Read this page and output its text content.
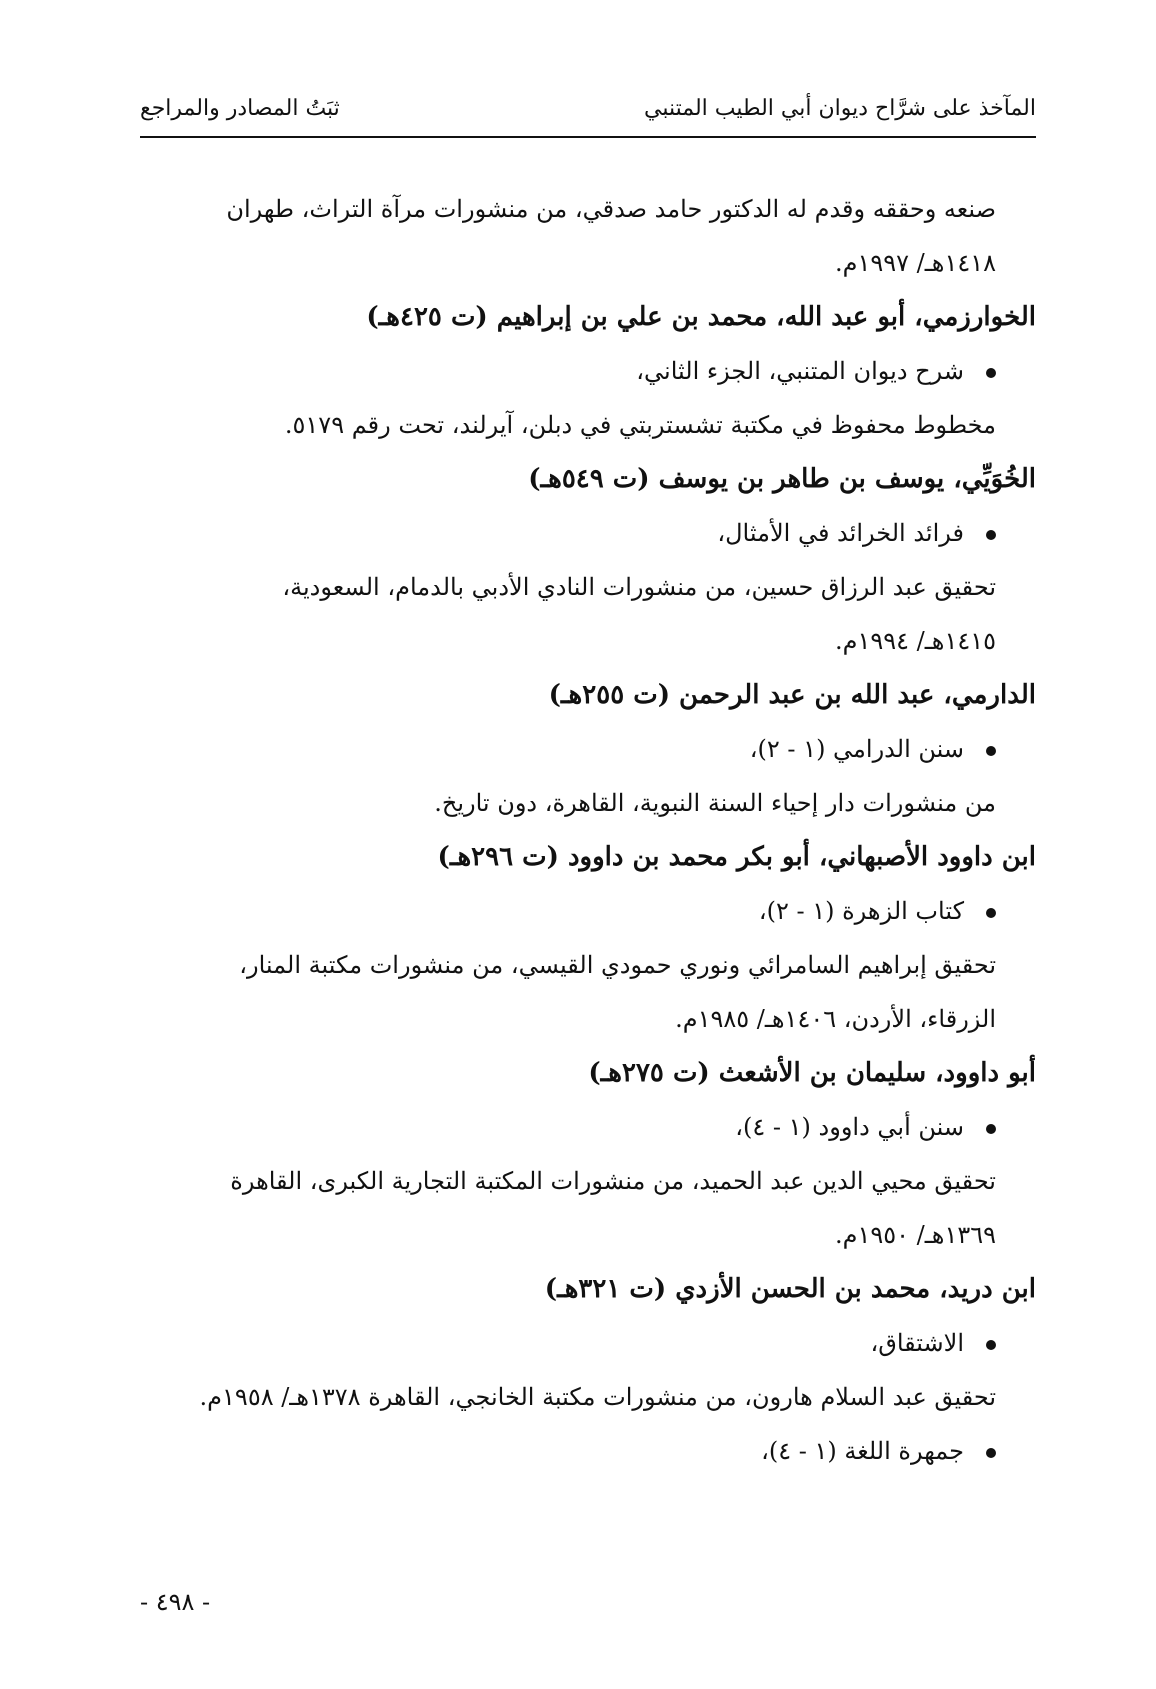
المآخذ على شرَّاح ديوان أبي الطيب المتنبي
ثبَتُ المصادر والمراجع
صنعه وحققه وقدم له الدكتور حامد صدقي، من منشورات مرآة التراث، طهران
١٤١٨هـ/ ١٩٩٧م.
الخوارزمي، أبو عبد الله، محمد بن علي بن إبراهيم (ت ٤٢٥هـ)
شرح ديوان المتنبي، الجزء الثاني،
مخطوط محفوظ في مكتبة تشستربتي في دبلن، آيرلند، تحت رقم ٥١٧٩.
الخُوَيِّي، يوسف بن طاهر بن يوسف (ت ٥٤٩هـ)
فرائد الخرائد في الأمثال،
تحقيق عبد الرزاق حسين، من منشورات النادي الأدبي بالدمام، السعودية،
١٤١٥هـ/ ١٩٩٤م.
الدارمي، عبد الله بن عبد الرحمن (ت ٢٥٥هـ)
سنن الدرامي (١ - ٢)،
من منشورات دار إحياء السنة النبوية، القاهرة، دون تاريخ.
ابن داوود الأصبهاني، أبو بكر محمد بن داوود (ت ٢٩٦هـ)
كتاب الزهرة (١ - ٢)،
تحقيق إبراهيم السامرائي ونوري حمودي القيسي، من منشورات مكتبة المنار،
الزرقاء، الأردن، ١٤٠٦هـ/ ١٩٨٥م.
أبو داوود، سليمان بن الأشعث (ت ٢٧٥هـ)
سنن أبي داوود (١ - ٤)،
تحقيق محيي الدين عبد الحميد، من منشورات المكتبة التجارية الكبرى، القاهرة
١٣٦٩هـ/ ١٩٥٠م.
ابن دريد، محمد بن الحسن الأزدي (ت ٣٢١هـ)
الاشتقاق،
تحقيق عبد السلام هارون، من منشورات مكتبة الخانجي، القاهرة ١٣٧٨هـ/ ١٩٥٨م.
جمهرة اللغة (١ - ٤)،
- ٤٩٨ -
